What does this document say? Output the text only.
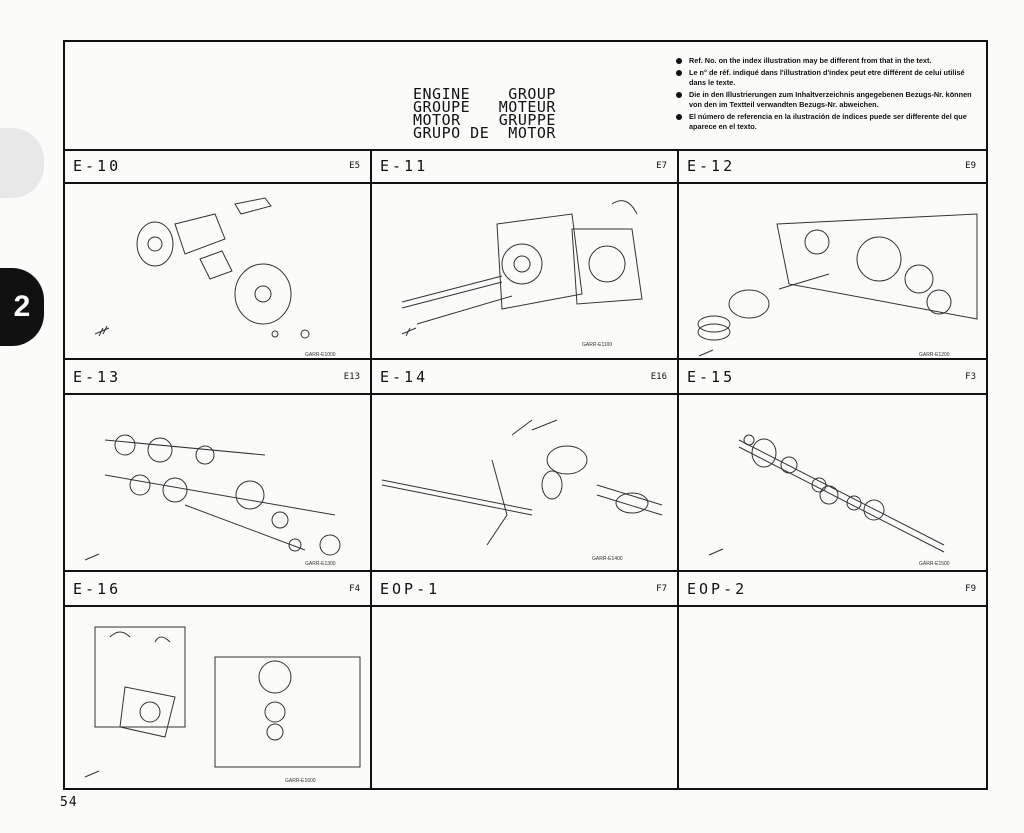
2
ENGINE    GROUP
GROUPE   MOTEUR
MOTOR    GRUPPE
GRUPO DE  MOTOR
Ref. No. on the index illustration may be different from that in the text.
Le n° de réf. indiqué dans l'illustration d'index peut etre différent de celui utilisé dans le texte.
Die in den Illustrierungen zum Inhaltverzeichnis angegebenen Bezugs-Nr. können von den im Textteil verwandten Bezugs-Nr. abweichen.
El número de referencia en la ilustración de índices puede ser differente del que aparece en el texto.
E-10	E5
GARR-E1000
E-11	E7
GARR-E1100
E-12	E9
GARR-E1200
E-13	E13
GARR-E1300
E-14	E16
GARR-E1400
E-15	F3
GARR-E1500
E-16	F4
GARR-E1600
EOP-1	F7 EOP-2	F9
54
